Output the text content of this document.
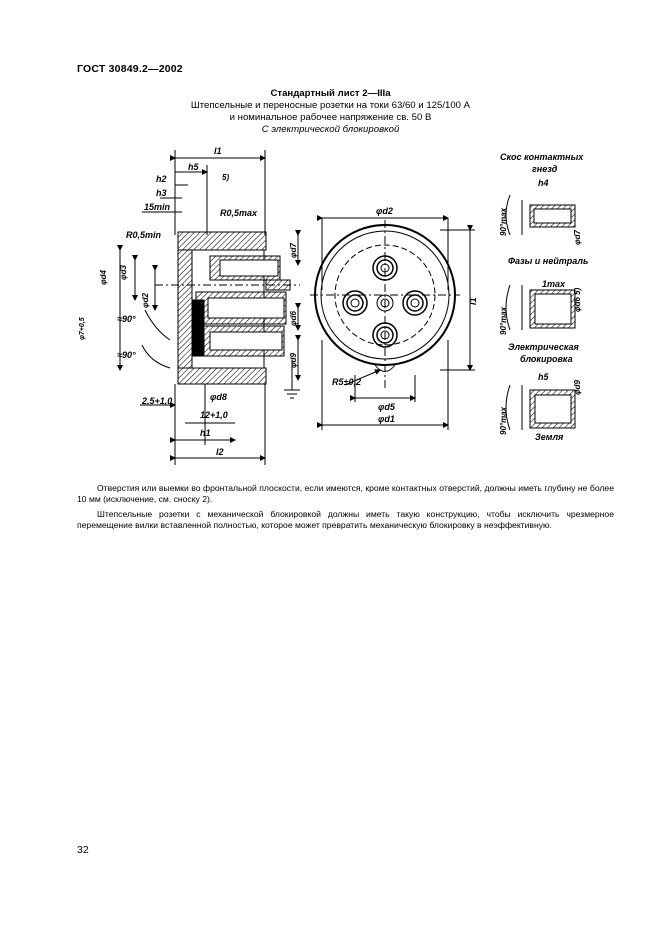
ГОСТ 30849.2—2002
Стандартный лист 2—IIIa
Штепсельные и переносные розетки на токи 63/60 и 125/100 А
и номинальное рабочее напряжение св. 50 В
С электрической блокировкой
l1
h5
5)
h2
h3
15min
R0,5max
R0,5min
φd4 φd3
φd2
φ7+0,5	≈90°
≈90°
φd7
φd6
φd9
φd8
2,5+1,0
12+1,0
h1
l2
φd2
l1
R5±0,2
φd5
φd1
Скос контактных
гнезд
h4
90°max
φd7
Фазы и нейтраль
1max
90°max
φd6 5)
Электрическая
блокировка
h5
φd9
90°max
Земля

Отверстия или выемки во фронтальной плоскости, если имеются, кроме контактных отверстий, должны иметь глубину не более 10 мм (исключение, см. сноску 2).

Штепсельные розетки с механической блокировкой должны иметь такую конструкцию, чтобы исключить чрезмерное перемещение вилки вставленной полностью, которое может превратить механическую блокировку в неэффективную.

32
